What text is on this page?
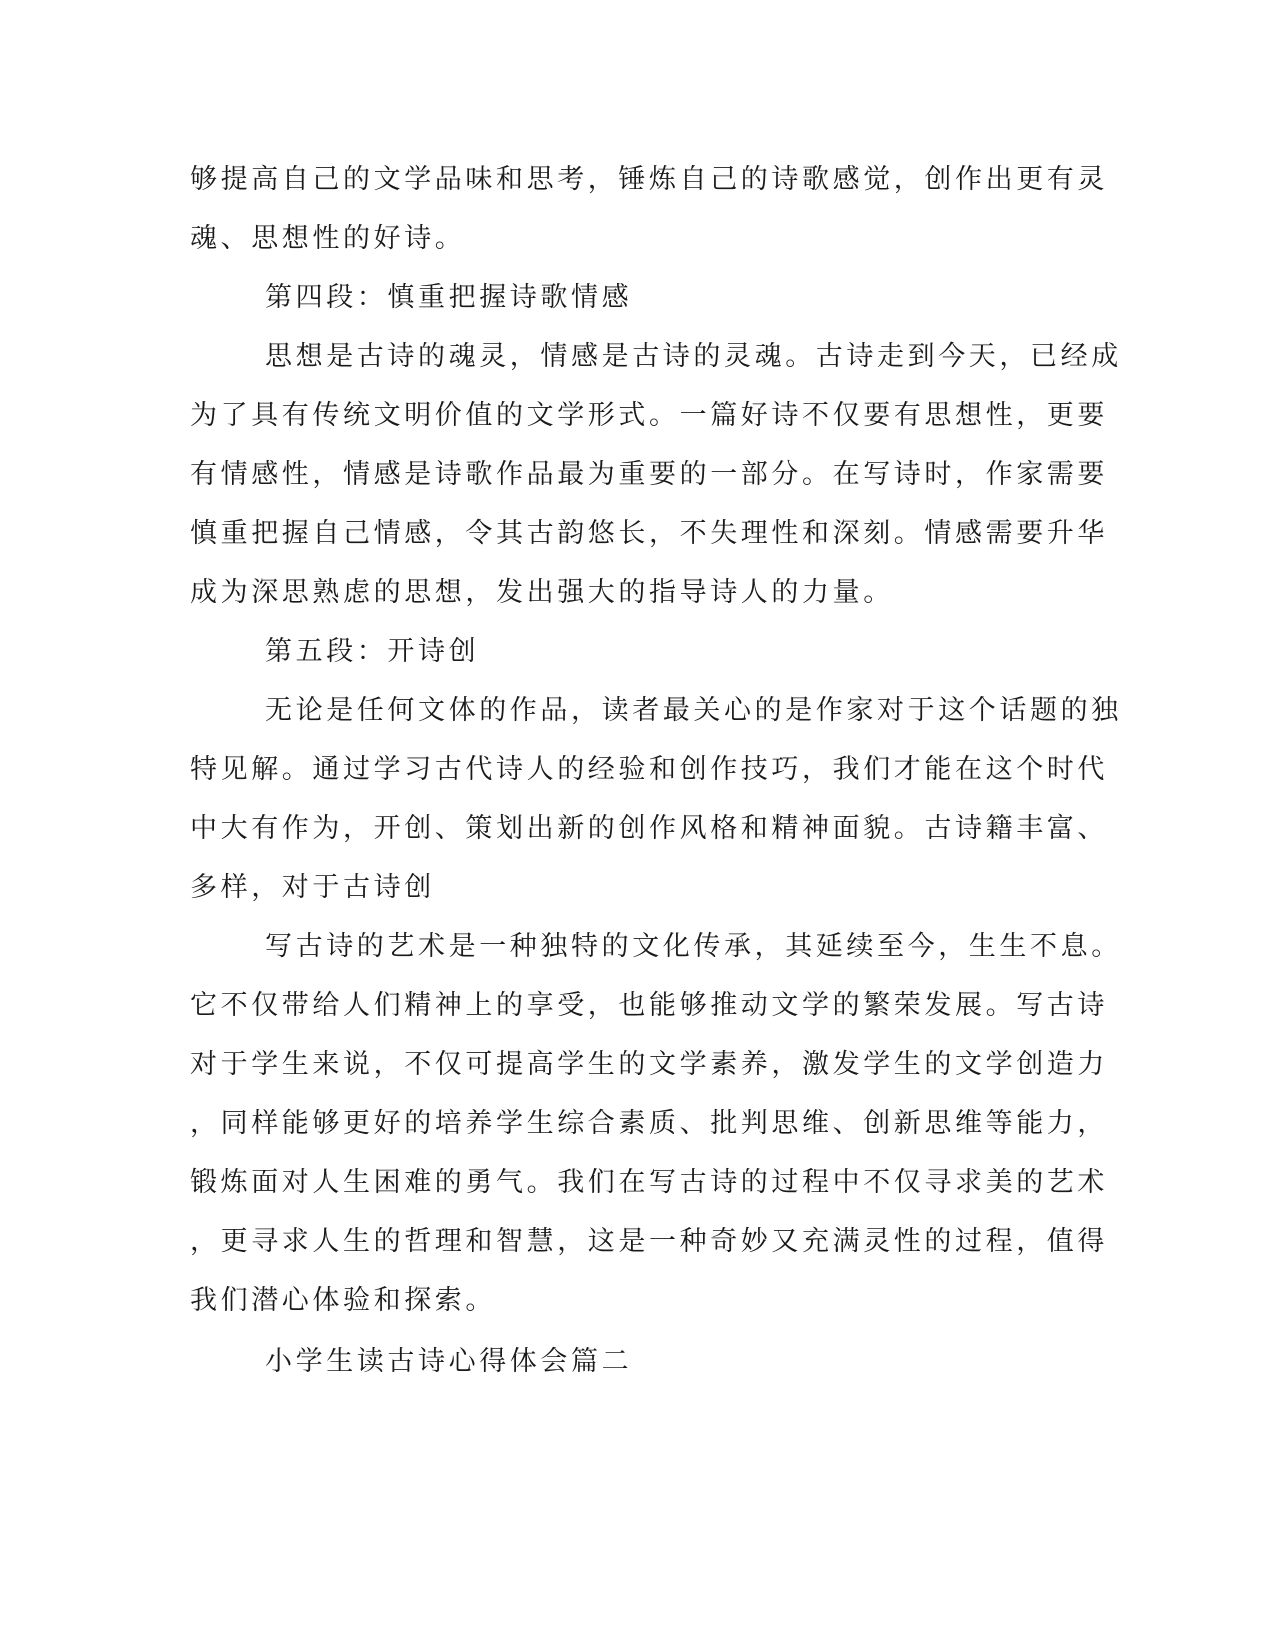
够提高自己的文学品味和思考，锤炼自己的诗歌感觉，创作出更有灵
魂、思想性的好诗。
第四段：慎重把握诗歌情感
思想是古诗的魂灵，情感是古诗的灵魂。古诗走到今天，已经成
为了具有传统文明价值的文学形式。一篇好诗不仅要有思想性，更要
有情感性，情感是诗歌作品最为重要的一部分。在写诗时，作家需要
慎重把握自己情感，令其古韵悠长，不失理性和深刻。情感需要升华
成为深思熟虑的思想，发出强大的指导诗人的力量。
第五段：开诗创
无论是任何文体的作品，读者最关心的是作家对于这个话题的独
特见解。通过学习古代诗人的经验和创作技巧，我们才能在这个时代
中大有作为，开创、策划出新的创作风格和精神面貌。古诗籍丰富、
多样，对于古诗创
写古诗的艺术是一种独特的文化传承，其延续至今，生生不息。
它不仅带给人们精神上的享受，也能够推动文学的繁荣发展。写古诗
对于学生来说，不仅可提高学生的文学素养，激发学生的文学创造力
，同样能够更好的培养学生综合素质、批判思维、创新思维等能力，
锻炼面对人生困难的勇气。我们在写古诗的过程中不仅寻求美的艺术
，更寻求人生的哲理和智慧，这是一种奇妙又充满灵性的过程，值得
我们潜心体验和探索。
小学生读古诗心得体会篇二
